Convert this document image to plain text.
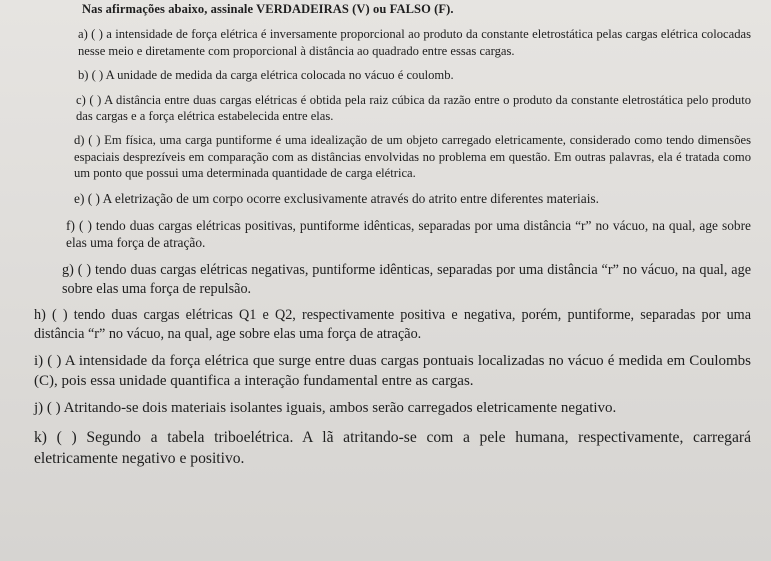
Nas afirmações abaixo, assinale VERDADEIRAS (V) ou FALSO (F).

a) ( ) a intensidade de força elétrica é inversamente proporcional ao produto da constante eletrostática pelas cargas elétrica colocadas nesse meio e diretamente com proporcional à distância ao quadrado entre essas cargas.

b) ( ) A unidade de medida da carga elétrica colocada no vácuo é coulomb.

c) ( ) A distância entre duas cargas elétricas é obtida pela raiz cúbica da razão entre o produto da constante eletrostática pelo produto das cargas e a força elétrica estabelecida entre elas.

d) ( ) Em física, uma carga puntiforme é uma idealização de um objeto carregado eletricamente, considerado como tendo dimensões espaciais desprezíveis em comparação com as distâncias envolvidas no problema em questão. Em outras palavras, ela é tratada como um ponto que possui uma determinada quantidade de carga elétrica.

e) ( ) A eletrização de um corpo ocorre exclusivamente através do atrito entre diferentes materiais.

f) ( ) tendo duas cargas elétricas positivas, puntiforme idênticas, separadas por uma distância “r” no vácuo, na qual, age sobre elas uma força de atração.

g) ( ) tendo duas cargas elétricas negativas, puntiforme idênticas, separadas por uma distância “r” no vácuo, na qual, age sobre elas uma força de repulsão.

h) ( ) tendo duas cargas elétricas Q1 e Q2, respectivamente positiva e negativa, porém, puntiforme, separadas por uma distância “r” no vácuo, na qual, age sobre elas uma força de atração.

i) ( ) A intensidade da força elétrica que surge entre duas cargas pontuais localizadas no vácuo é medida em Coulombs (C), pois essa unidade quantifica a interação fundamental entre as cargas.

j) ( ) Atritando-se dois materiais isolantes iguais, ambos serão carregados eletricamente negativo.

k) ( ) Segundo a tabela triboelétrica. A lã atritando-se com a pele humana, respectivamente, carregará eletricamente negativo e positivo.
